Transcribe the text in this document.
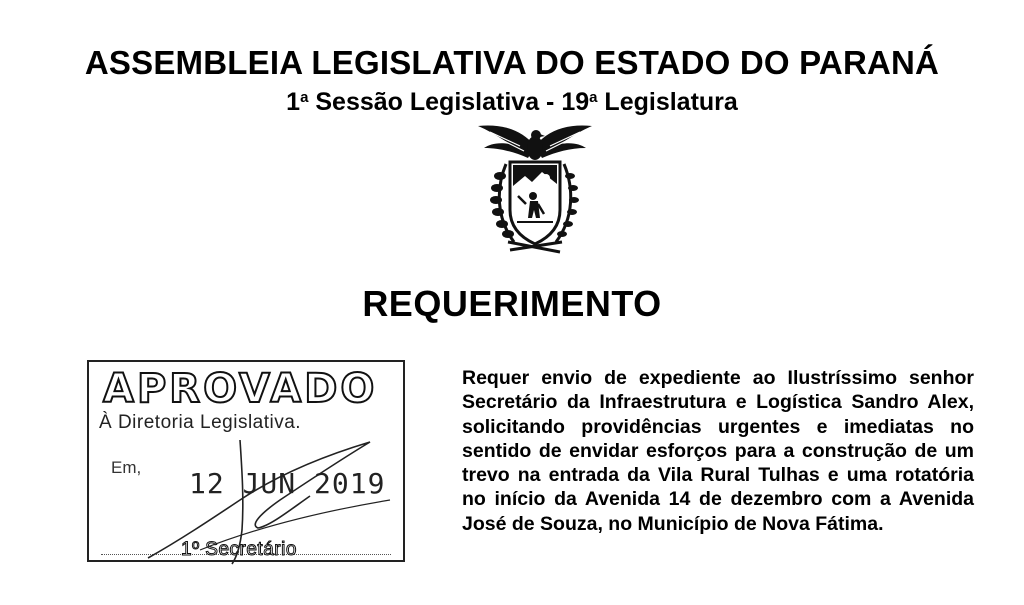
ASSEMBLEIA LEGISLATIVA DO ESTADO DO PARANÁ
1$^a$ Sessão Legislativa - 19$^a$ Legislatura
REQUERIMENTO
APROVADO
À Diretoria Legislativa.
Em, 12 JUN 2019
1º Secretário
Requer envio de expediente ao Ilustríssimo senhor Secretário da Infraestrutura e Logística Sandro Alex, solicitando providências urgentes e imediatas no sentido de envidar esforços para a construção de um trevo na entrada da Vila Rural Tulhas e uma rotatória no início da Avenida 14 de dezembro com a Avenida José de Souza, no Município de Nova Fátima.
